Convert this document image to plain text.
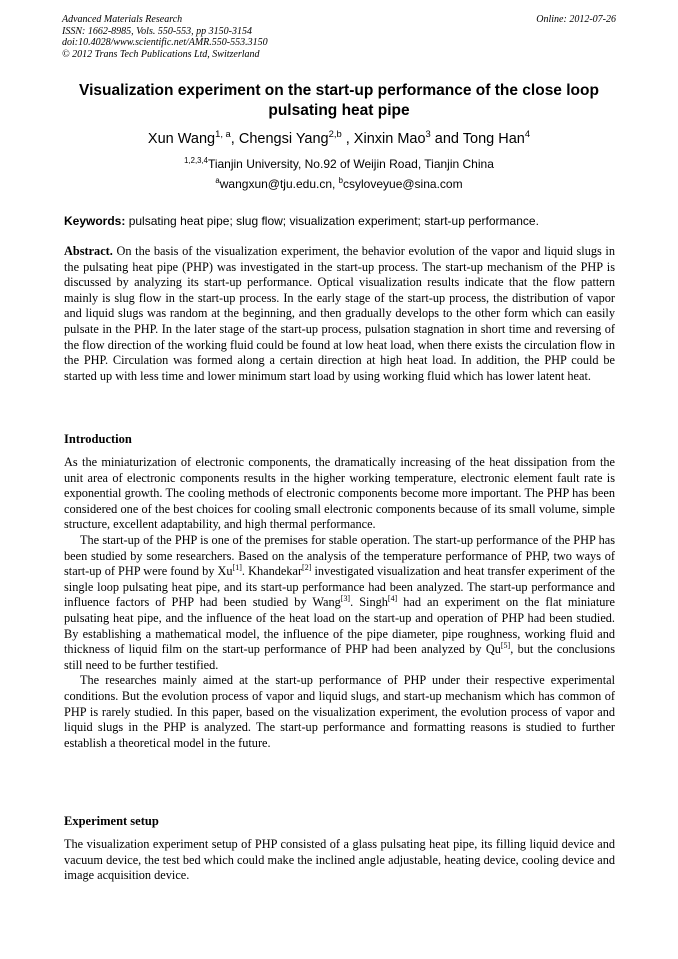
Advanced Materials Research
ISSN: 1662-8985, Vols. 550-553, pp 3150-3154
doi:10.4028/www.scientific.net/AMR.550-553.3150
© 2012 Trans Tech Publications Ltd, Switzerland
Online: 2012-07-26
Visualization experiment on the start-up performance of the close loop pulsating heat pipe
Xun Wang$^{1, a}$, Chengsi Yang$^{2,b}$ , Xinxin Mao$^3$ and Tong Han$^4$
$^{1,2,3,4}$Tianjin University, No.92 of Weijin Road, Tianjin China
$^a$wangxun@tju.edu.cn, $^b$csyloveyue@sina.com
Keywords: pulsating heat pipe; slug flow; visualization experiment; start-up performance.

Abstract. On the basis of the visualization experiment, the behavior evolution of the vapor and liquid slugs in the pulsating heat pipe (PHP) was investigated in the start-up process. The start-up mechanism of the PHP is discussed by analyzing its start-up performance. Optical visualization results indicate that the flow pattern mainly is slug flow in the start-up process. In the early stage of the start-up process, the distribution of vapor and liquid slugs was random at the beginning, and then gradually develops to the other form which can easily pulsate in the PHP. In the later stage of the start-up process, pulsation stagnation in short time and reversing of the flow direction of the working fluid could be found at low heat load, when there exists the circulation flow in the PHP. Circulation was formed along a certain direction at high heat load. In addition, the PHP could be started up with less time and lower minimum start load by using working fluid which has lower latent heat.

Introduction

As the miniaturization of electronic components, the dramatically increasing of the heat dissipation from the unit area of electronic components results in the higher working temperature, electronic element fault rate is exponential growth. The cooling methods of electronic components become more important. The PHP has been considered one of the best choices for cooling small electronic components because of its small volume, simple structure, excellent adaptability, and high thermal performance.

The start-up of the PHP is one of the premises for stable operation. The start-up performance of the PHP has been studied by some researchers. Based on the analysis of the temperature performance of PHP, two ways of start-up of PHP were found by Xu[1]. Khandekar[2] investigated visualization and heat transfer experiment of the single loop pulsating heat pipe, and its start-up performance had been analyzed. The start-up performance and influence factors of PHP had been studied by Wang[3]. Singh[4] had an experiment on the flat miniature pulsating heat pipe, and the influence of the heat load on the start-up and operation of PHP had been studied. By establishing a mathematical model, the influence of the pipe diameter, pipe roughness, working fluid and thickness of liquid film on the start-up performance of PHP had been analyzed by Qu[5], but the conclusions still need to be further testified.

The researches mainly aimed at the start-up performance of PHP under their respective experimental conditions. But the evolution process of vapor and liquid slugs, and start-up mechanism which has common of PHP is rarely studied. In this paper, based on the visualization experiment, the evolution process of vapor and liquid slugs in the PHP is analyzed. The start-up performance and formatting reasons is studied to further establish a theoretical model in the future.

Experiment setup

The visualization experiment setup of PHP consisted of a glass pulsating heat pipe, its filling liquid device and vacuum device, the test bed which could make the inclined angle adjustable, heating device, cooling device and image acquisition device.
